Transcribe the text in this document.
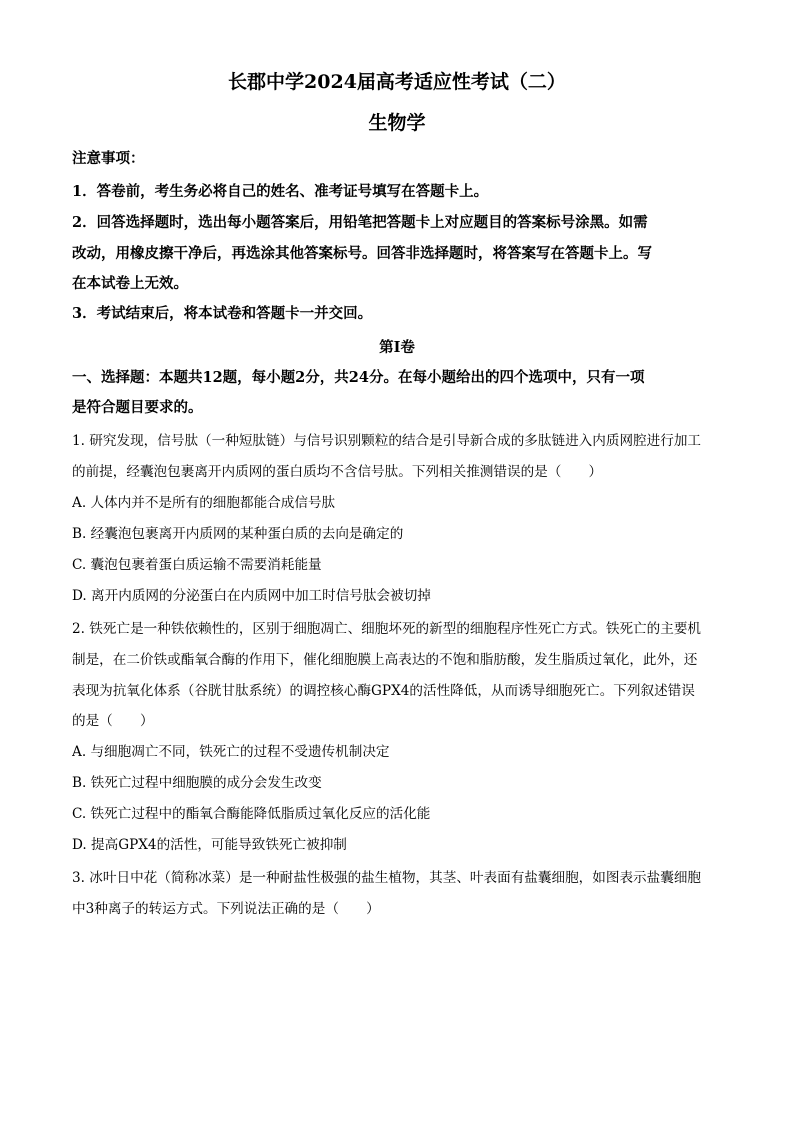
长郡中学2024届高考适应性考试（二）
生物学
注意事项：
1．答卷前，考生务必将自己的姓名、准考证号填写在答题卡上。
2．回答选择题时，选出每小题答案后，用铅笔把答题卡上对应题目的答案标号涂黑。如需
改动，用橡皮擦干净后，再选涂其他答案标号。回答非选择题时，将答案写在答题卡上。写
在本试卷上无效。
3．考试结束后，将本试卷和答题卡一并交回。
第I卷
一、选择题：本题共12题，每小题2分，共24分。在每小题给出的四个选项中，只有一项
是符合题目要求的。
1. 研究发现，信号肽（一种短肽链）与信号识别颗粒的结合是引导新合成的多肽链进入内质网腔进行加工
的前提，经囊泡包裹离开内质网的蛋白质均不含信号肽。下列相关推测错误的是（　　）
A. 人体内并不是所有的细胞都能合成信号肽
B. 经囊泡包裹离开内质网的某种蛋白质的去向是确定的
C. 囊泡包裹着蛋白质运输不需要消耗能量
D. 离开内质网的分泌蛋白在内质网中加工时信号肽会被切掉
2. 铁死亡是一种铁依赖性的，区别于细胞凋亡、细胞坏死的新型的细胞程序性死亡方式。铁死亡的主要机
制是，在二价铁或酯氧合酶的作用下，催化细胞膜上高表达的不饱和脂肪酸，发生脂质过氧化，此外，还
表现为抗氧化体系（谷胱甘肽系统）的调控核心酶GPX4的活性降低，从而诱导细胞死亡。下列叙述错误
的是（　　）
A. 与细胞凋亡不同，铁死亡的过程不受遗传机制决定
B. 铁死亡过程中细胞膜的成分会发生改变
C. 铁死亡过程中的酯氧合酶能降低脂质过氧化反应的活化能
D. 提高GPX4的活性，可能导致铁死亡被抑制
3. 冰叶日中花（简称冰菜）是一种耐盐性极强的盐生植物，其茎、叶表面有盐囊细胞，如图表示盐囊细胞
中3种离子的转运方式。下列说法正确的是（　　）
